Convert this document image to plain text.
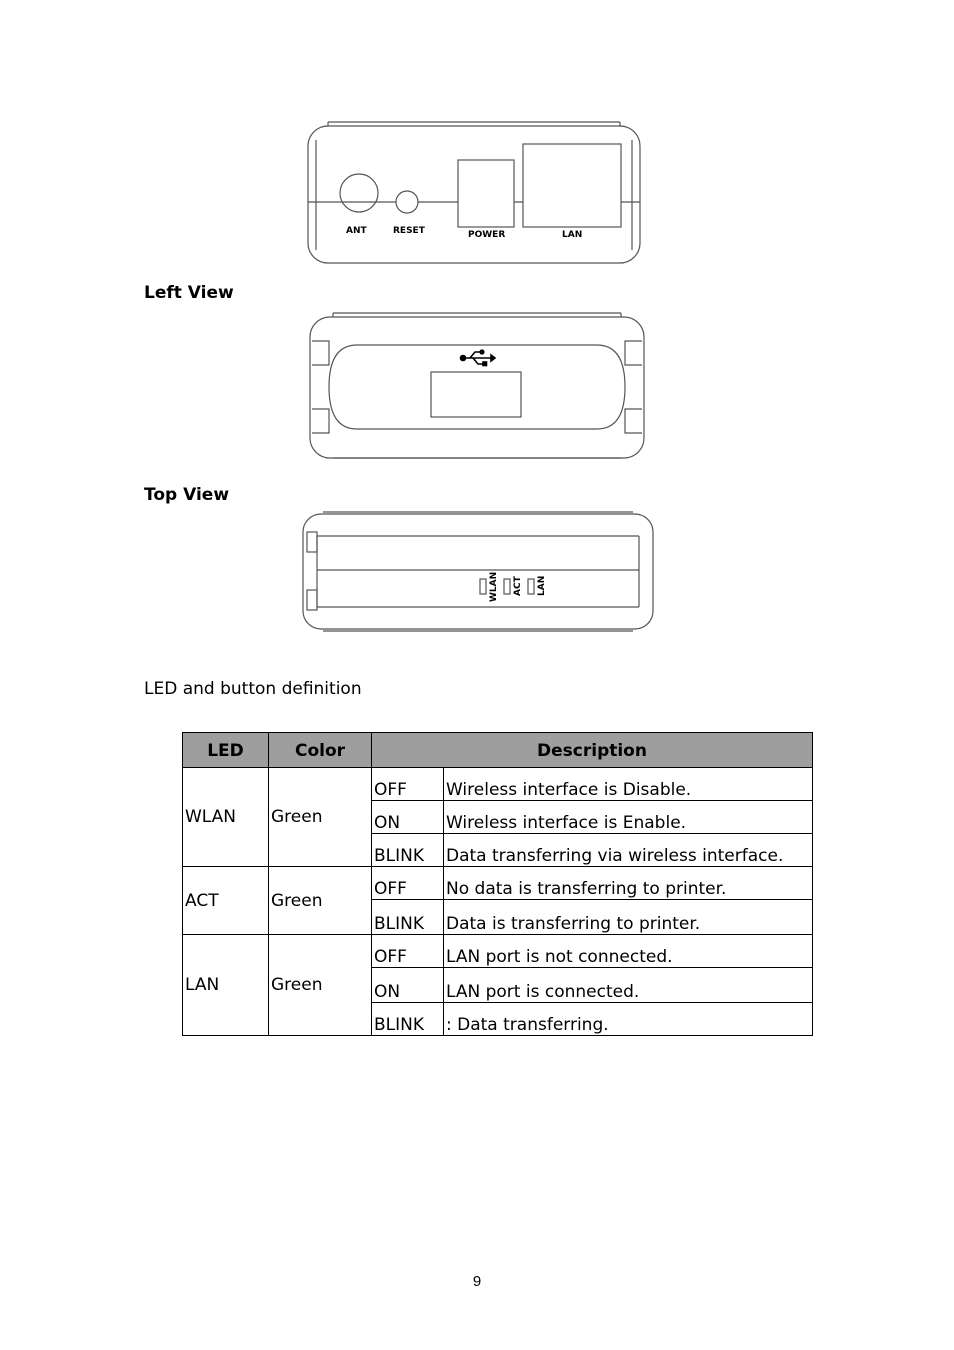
ANT	RESET	POWER	LAN
Left View
Top View
WLAN ACT LAN
LED and button definition
LED	Color	Description	
WLAN	Green	OFF	Wireless interface is Disable.
		ON	Wireless interface is Enable.
		BLINK	Data transferring via wireless interface.
ACT	Green	OFF	No data is transferring to printer.
		BLINK	Data is transferring to printer.
LAN	Green	OFF	LAN port is not connected.
		ON	LAN port is connected.
		BLINK	: Data transferring.
9
